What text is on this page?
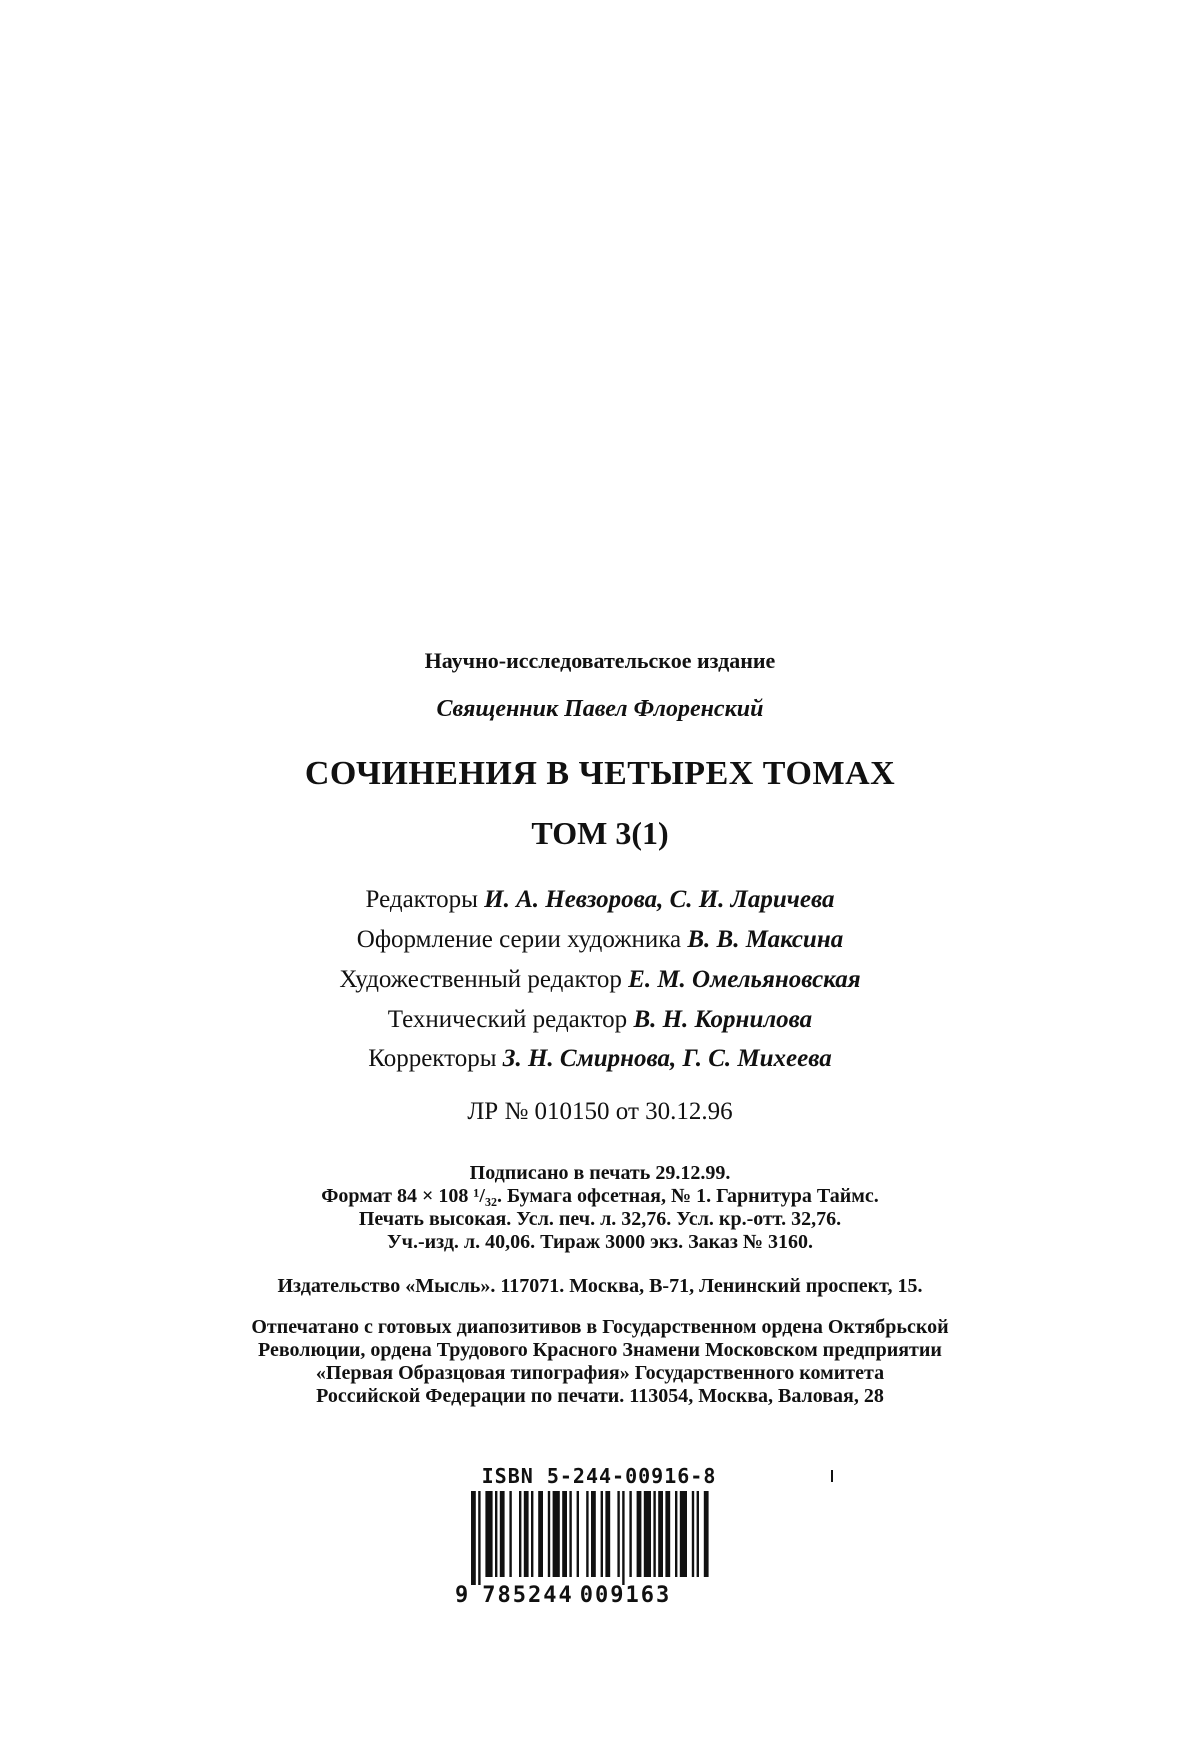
Научно-исследовательское издание
Священник Павел Флоренский
СОЧИНЕНИЯ В ЧЕТЫРЕХ ТОМАХ
ТОМ 3(1)
Редакторы И. А. Невзорова, С. И. Ларичева
Оформление серии художника В. В. Максина
Художественный редактор Е. М. Омельяновская
Технический редактор В. Н. Корнилова
Корректоры З. Н. Смирнова, Г. С. Михеева
ЛР № 010150 от 30.12.96
Подписано в печать 29.12.99.
Формат 84 × 108 ¹/₃₂. Бумага офсетная, № 1. Гарнитура Таймс.
Печать высокая. Усл. печ. л. 32,76. Усл. кр.-отт. 32,76.
Уч.-изд. л. 40,06. Тираж 3000 экз. Заказ № 3160.
Издательство «Мысль». 117071. Москва, В-71, Ленинский проспект, 15.
Отпечатано с готовых диапозитивов в Государственном ордена Октябрьской
Революции, ордена Трудового Красного Знамени Московском предприятии
«Первая Образцовая типография» Государственного комитета
Российской Федерации по печати. 113054, Москва, Валовая, 28
ISBN 5-244-00916-8
9 785244 009163
